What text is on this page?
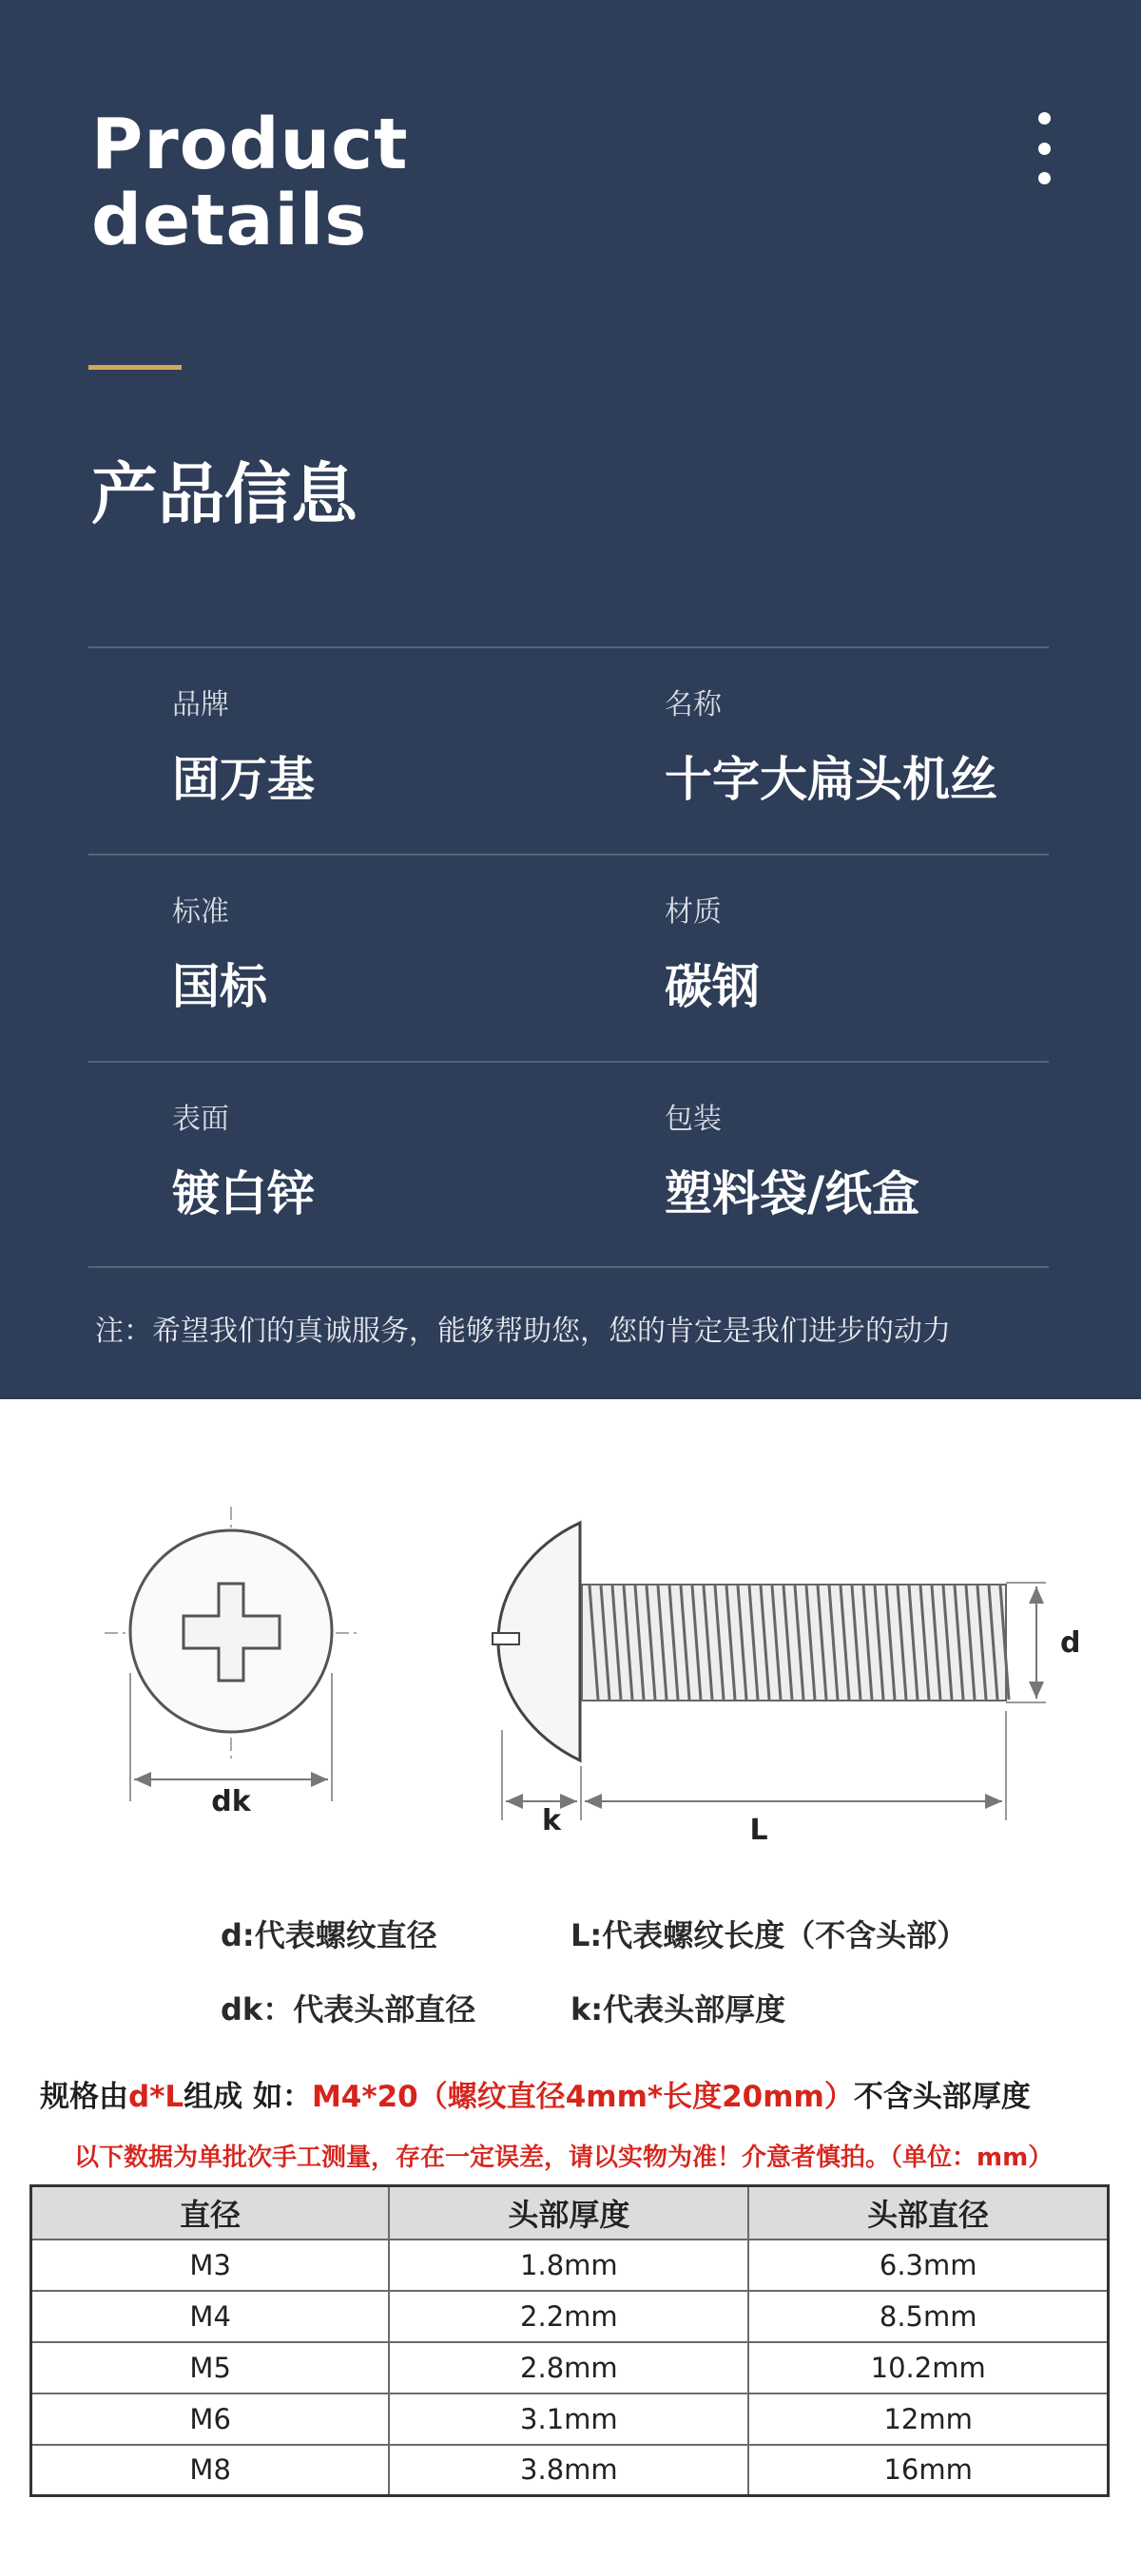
Product
details
产品信息
品牌
固万基
名称
十字大扁头机丝
标准
国标
材质
碳钢
表面
镀白锌
包装
塑料袋/纸盒

注：希望我们的真诚服务，能够帮助您，您的肯定是我们进步的动力

dk
d
k	L
d:代表螺纹直径	L:代表螺纹长度（不含头部）
dk：代表头部直径	k:代表头部厚度
规格由d*L组成 如：M4*20（螺纹直径4mm*长度20mm）不含头部厚度
以下数据为单批次手工测量，存在一定误差，请以实物为准！介意者慎拍。（单位：mm）
直径	头部厚度	头部直径
M3	1.8mm	6.3mm
M4	2.2mm	8.5mm
M5	2.8mm	10.2mm
M6	3.1mm	12mm
M8	3.8mm	16mm
